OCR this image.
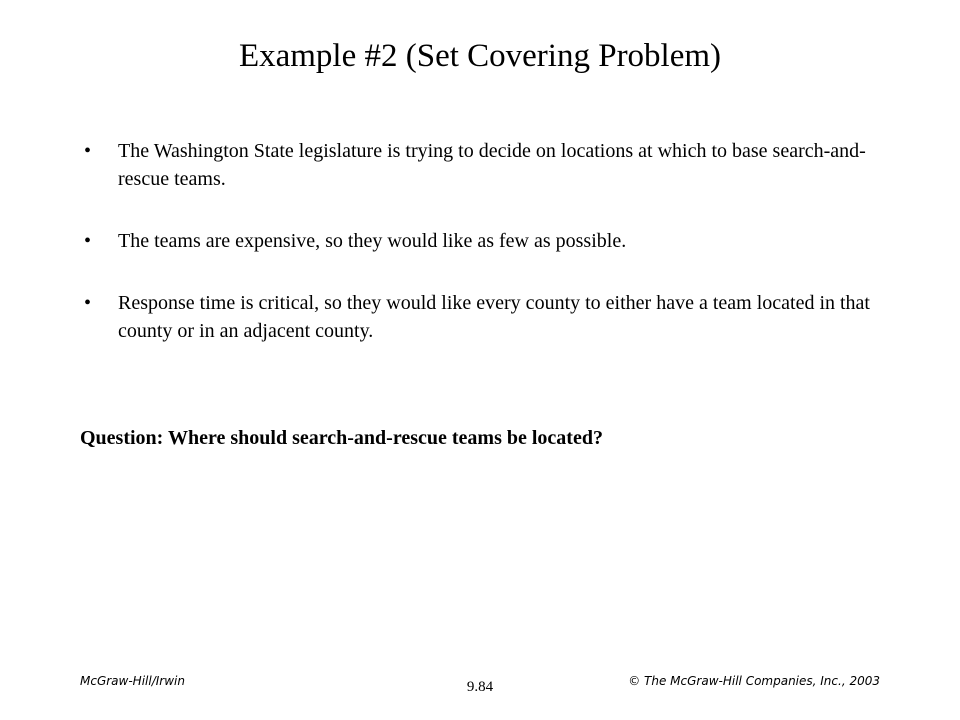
Example #2 (Set Covering Problem)
• The Washington State legislature is trying to decide on locations at which to base search-and-rescue teams.
• The teams are expensive, so they would like as few as possible.
• Response time is critical, so they would like every county to either have a team located in that county or in an adjacent county.

Question: Where should search-and-rescue teams be located?

McGraw-Hill/Irwin	9.84	© The McGraw-Hill Companies, Inc., 2003
